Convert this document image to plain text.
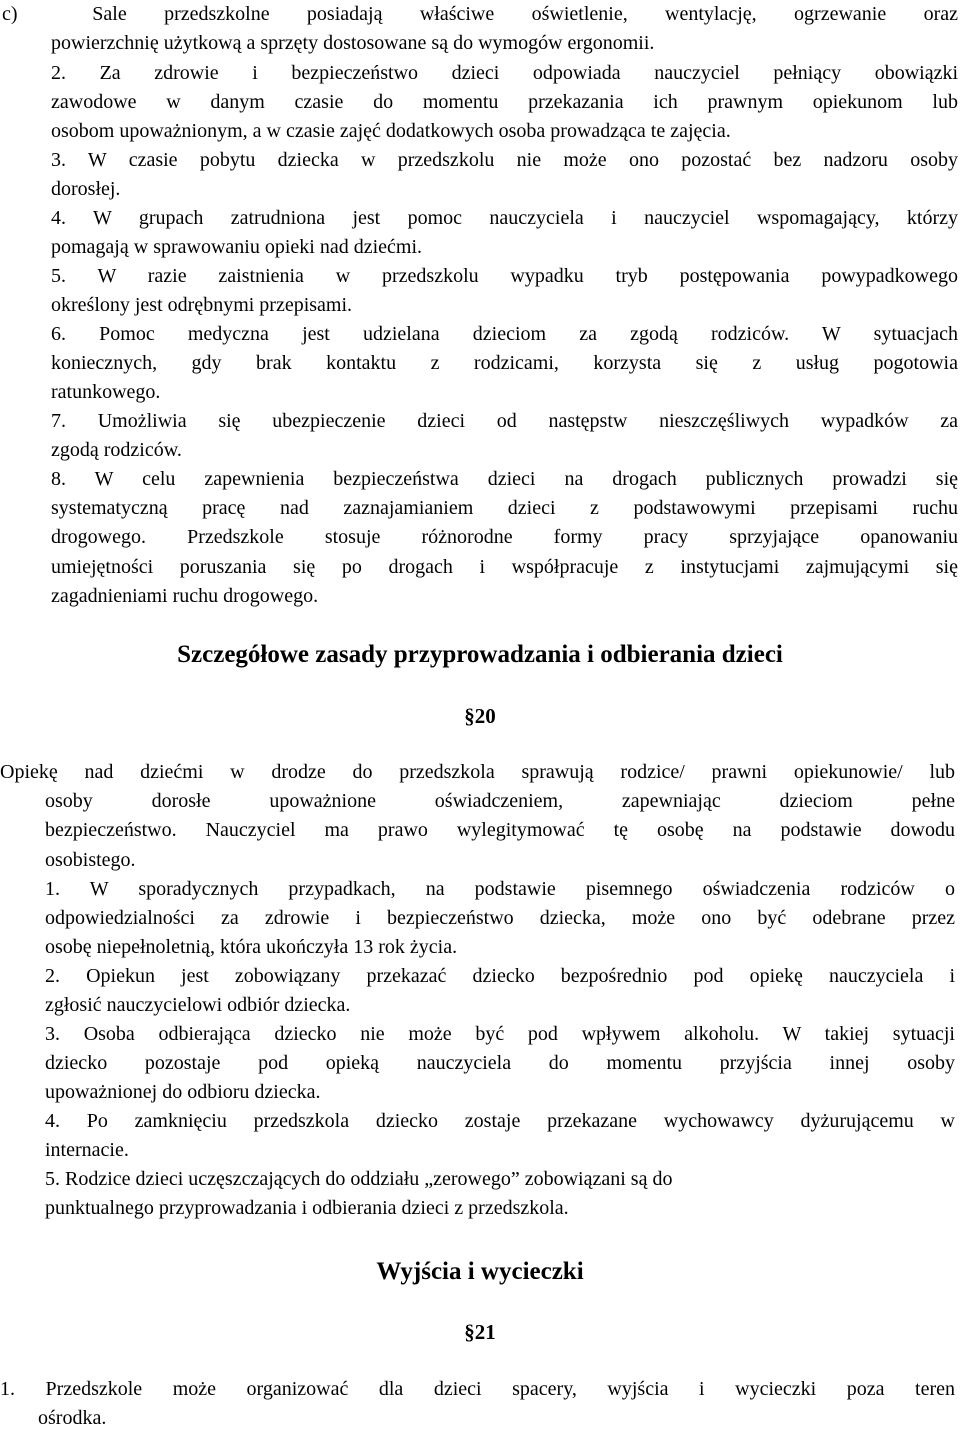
c)  Sale przedszkolne posiadają właściwe oświetlenie, wentylację, ogrzewanie oraz
powierzchnię użytkową a sprzęty dostosowane są do wymogów ergonomii.
2. Za zdrowie i bezpieczeństwo dzieci odpowiada nauczyciel pełniący obowiązki
zawodowe w danym czasie do momentu przekazania ich prawnym opiekunom lub
osobom upoważnionym, a w czasie zajęć dodatkowych osoba prowadząca te zajęcia.
3. W czasie pobytu dziecka w przedszkolu nie może ono pozostać bez nadzoru osoby
dorosłej.
4. W grupach zatrudniona jest pomoc nauczyciela i nauczyciel wspomagający, którzy
pomagają w sprawowaniu opieki nad dziećmi.
5. W razie zaistnienia w przedszkolu wypadku tryb postępowania powypadkowego
określony jest odrębnymi przepisami.
6. Pomoc medyczna jest udzielana dzieciom za zgodą rodziców. W sytuacjach
koniecznych, gdy brak kontaktu z rodzicami, korzysta się z usług pogotowia
ratunkowego.
7. Umożliwia się ubezpieczenie dzieci od następstw nieszczęśliwych wypadków za
zgodą rodziców.
8. W celu zapewnienia bezpieczeństwa dzieci na drogach publicznych prowadzi się
systematyczną pracę nad zaznajamianiem dzieci z podstawowymi przepisami ruchu
drogowego. Przedszkole stosuje różnorodne formy pracy sprzyjające opanowaniu
umiejętności poruszania się po drogach i współpracuje z instytucjami zajmującymi się
zagadnieniami ruchu drogowego.
Szczegółowe zasady przyprowadzania i odbierania dzieci
§20
Opiekę nad dziećmi w drodze do przedszkola sprawują rodzice/ prawni opiekunowie/ lub
osoby dorosłe upoważnione oświadczeniem, zapewniając dzieciom pełne
bezpieczeństwo. Nauczyciel ma prawo wylegitymować tę osobę na podstawie dowodu
osobistego.
1. W sporadycznych przypadkach, na podstawie pisemnego oświadczenia rodziców o
odpowiedzialności za zdrowie i bezpieczeństwo dziecka, może ono być odebrane przez
osobę niepełnoletnią, która ukończyła 13 rok życia.
2. Opiekun jest zobowiązany przekazać dziecko bezpośrednio pod opiekę nauczyciela i
zgłosić nauczycielowi odbiór dziecka.
3. Osoba odbierająca dziecko nie może być pod wpływem alkoholu. W takiej sytuacji
dziecko pozostaje pod opieką nauczyciela do momentu przyjścia innej osoby
upoważnionej do odbioru dziecka.
4. Po zamknięciu przedszkola dziecko zostaje przekazane wychowawcy dyżurującemu w
internacie.
5. Rodzice dzieci uczęszczających do oddziału „zerowego” zobowiązani są do
punktualnego przyprowadzania i odbierania dzieci z przedszkola.
Wyjścia i wycieczki
§21
1. Przedszkole może organizować dla dzieci spacery, wyjścia i wycieczki poza teren
ośrodka.
